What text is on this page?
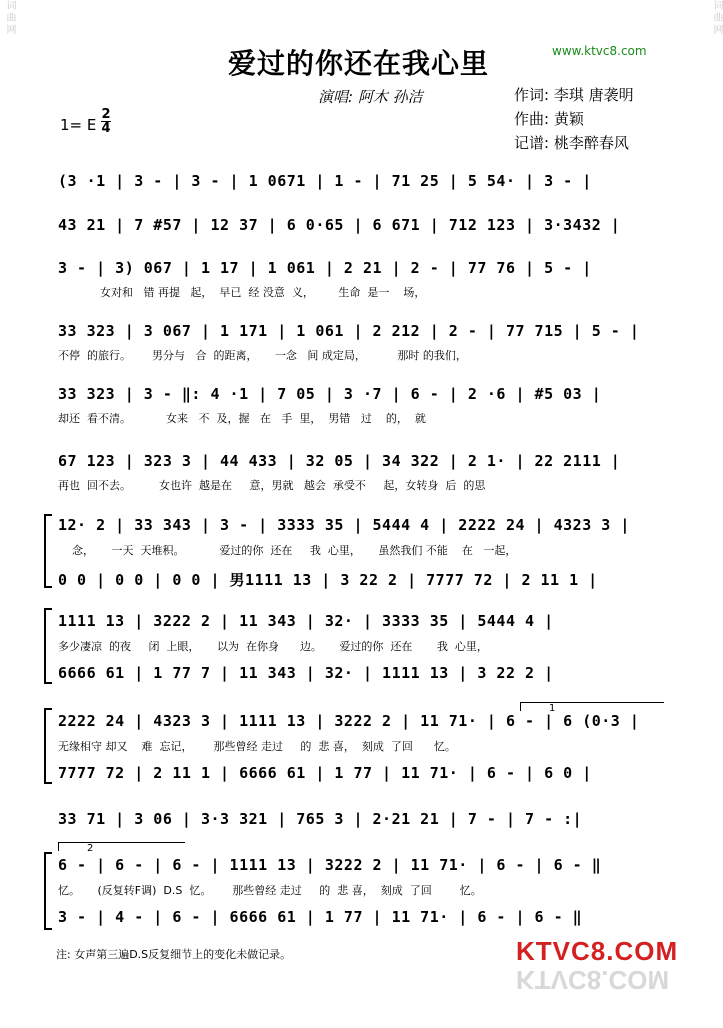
词曲网	词曲网
爱过的你还在我心里	www.ktvc8.com
演唱: 阿木 孙洁	作词: 李琪 唐袭明
作曲: 黄颖
记谱: 桃李醉春风
1= E
2
4
(3 ·1 | 3 - | 3 - | 1 0671 | 1 - | 71 25 | 5 54· | 3 - |
43 21 | 7 #57 | 12 37 | 6 0·65 | 6 671 | 712 123 | 3·3432 |
3 - | 3) 067 | 1 17 | 1 061 | 2 21 | 2 - | 77 76 | 5 - |
女对和   错 再提   起，  早已  经 没意  义，       生命  是一    场，
33 323 | 3 067 | 1 171 | 1 061 | 2 212 | 2 - | 77 715 | 5 - |
不停  的旅行。      男分与   合  的距离，     一念   间 成定局，         那时 的我们，
33 323 | 3 - ‖: 4 ·1 | 7 05 | 3 ·7 | 6 - | 2 ·6 | #5 03 |
却还  看不清。          女来   不  及，握   在   手  里，  男错   过    的，  就
67 123 | 323 3 | 44 433 | 32 05 | 34 322 | 2 1· | 22 2111 |
再也  回不去。        女也许  越是在     意，男就   越会  承受不     起，女转身  后  的思
12· 2 | 33 343 | 3 - | 3333 35 | 5444 4 | 2222 24 | 4323 3 |
念，     一天  天堆积。          爱过的你  还在     我  心里，     虽然我们 不能    在   一起，
0 0 | 0 0 | 0 0 | 男1111 13 | 3 22 2 | 7777 72 | 2 11 1 |
1111 13 | 3222 2 | 11 343 | 32· | 3333 35 | 5444 4 |
多少凄凉  的夜     闭  上眼，     以为  在你身      边。     爱过的你  还在       我  心里，
6666 61 | 1 77 7 | 11 343 | 32· | 1111 13 | 3 22 2 |
1
2222 24 | 4323 3 | 1111 13 | 3222 2 | 11 71· | 6 - | 6 (0·3 |
无缘相守 却又    难  忘记，      那些曾经 走过     的  悲 喜，  刻成  了回      忆。
7777 72 | 2 11 1 | 6666 61 | 1 77 | 11 71· | 6 - | 6 0 |
33 71 | 3 06 | 3·3 321 | 765 3 | 2·21 21 | 7 - | 7 - :|
2
6 - | 6 - | 6 - | 1111 13 | 3222 2 | 11 71· | 6 - | 6 - ‖
忆。     (反复转F调)  D.S  忆。      那些曾经 走过     的  悲 喜，  刻成  了回        忆。
3 - | 4 - | 6 - | 6666 61 | 1 77 | 11 71· | 6 - | 6 - ‖
注: 女声第三遍D.S反复细节上的变化未做记录。	KTVC8.COM
KTVC8.COM
